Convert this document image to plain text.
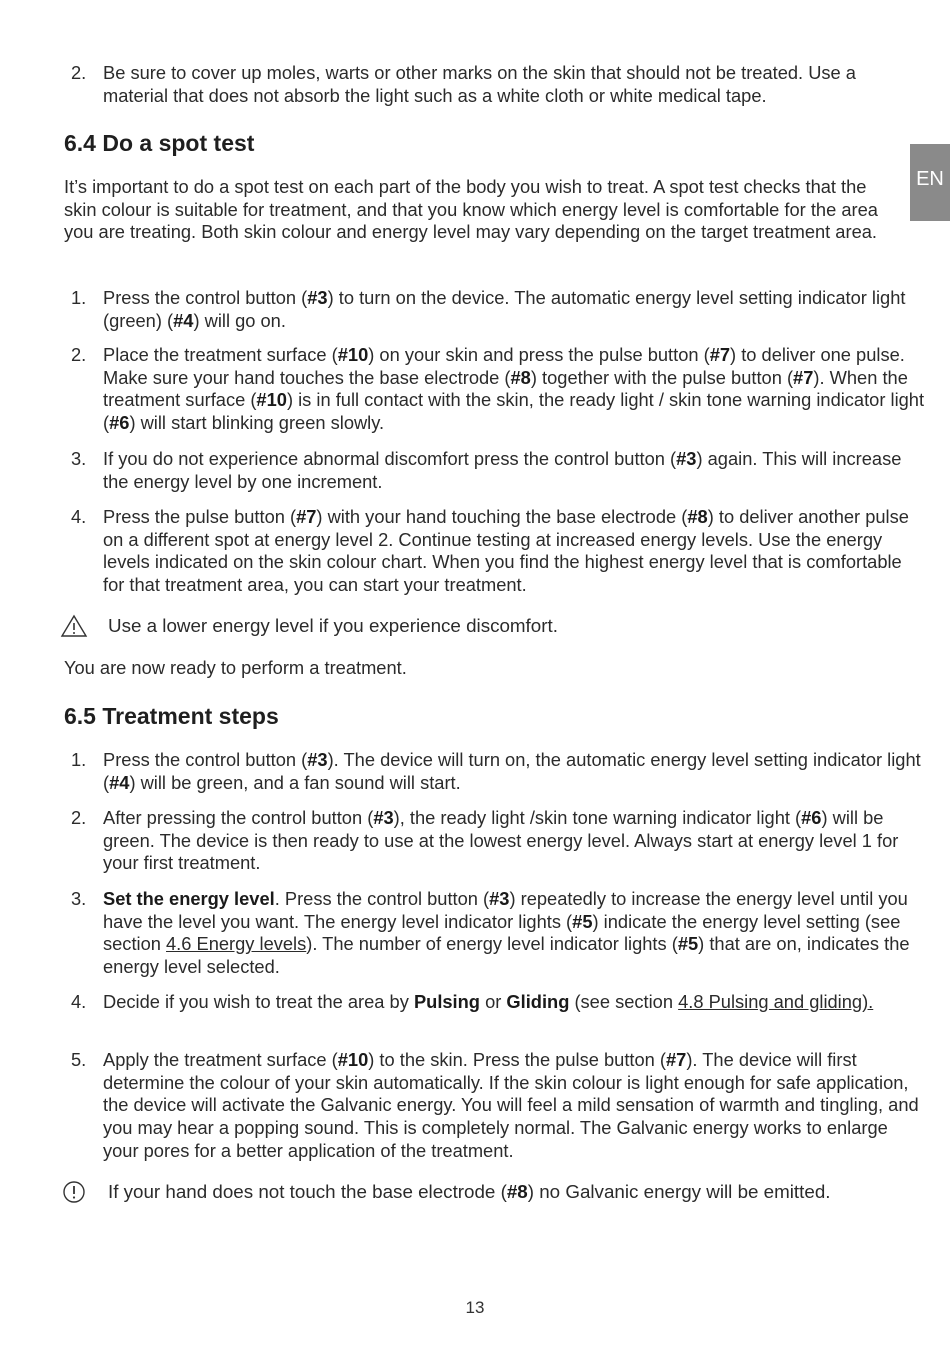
EN
2. Be sure to cover up moles, warts or other marks on the skin that should not be treated. Use a material that does not absorb the light such as a white cloth or white medical tape.
6.4 Do a spot test

It’s important to do a spot test on each part of the body you wish to treat. A spot test checks that the skin colour is suitable for treatment, and that you know which energy level is comfortable for the area you are treating. Both skin colour and energy level may vary depending on the target treatment area.

1. Press the control button (#3) to turn on the device. The automatic energy level setting indicator light (green) (#4) will go on.
2. Place the treatment surface (#10) on your skin and press the pulse button (#7) to deliver one pulse. Make sure your hand touches the base electrode (#8) together with the pulse button (#7). When the treatment surface (#10) is in full contact with the skin, the ready light / skin tone warning indicator light (#6) will start blinking green slowly.
3. If you do not experience abnormal discomfort press the control button (#3) again. This will increase the energy level by one increment.
4. Press the pulse button (#7) with your hand touching the base electrode (#8) to deliver another pulse on a different spot at energy level 2. Continue testing at increased energy levels. Use the energy levels indicated on the skin colour chart. When you find the highest energy level that is comfortable for that treatment area, you can start your treatment.
Use a lower energy level if you experience discomfort.

You are now ready to perform a treatment.

6.5 Treatment steps
1. Press the control button (#3). The device will turn on, the automatic energy level setting indicator light (#4) will be green, and a fan sound will start.
2. After pressing the control button (#3), the ready light /skin tone warning indicator light (#6) will be green. The device is then ready to use at the lowest energy level. Always start at energy level 1 for your first treatment.
3. Set the energy level. Press the control button (#3) repeatedly to increase the energy level until you have the level you want. The energy level indicator lights (#5) indicate the energy level setting (see section 4.6 Energy levels). The number of energy level indicator lights (#5) that are on, indicates the energy level selected.
4. Decide if you wish to treat the area by Pulsing or Gliding (see section 4.8 Pulsing and gliding).
5. Apply the treatment surface (#10) to the skin. Press the pulse button (#7). The device will first determine the colour of your skin automatically. If the skin colour is light enough for safe application, the device will activate the Galvanic energy. You will feel a mild sensation of warmth and tingling, and you may hear a popping sound. This is completely normal. The Galvanic energy works to enlarge your pores for a better application of the treatment.
If your hand does not touch the base electrode (#8) no Galvanic energy will be emitted.
13
